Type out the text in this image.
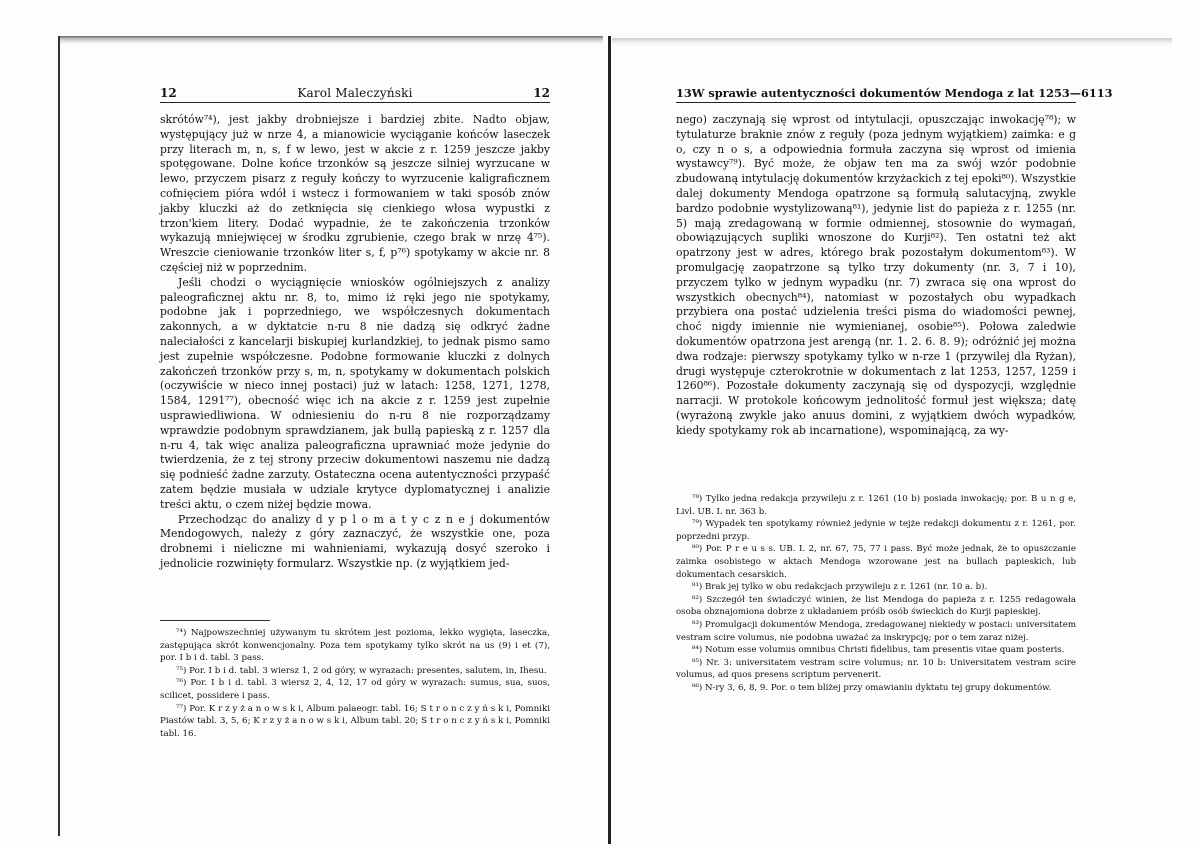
12	Karol Maleczyński	12

skrótów⁷⁴), jest jakby drobniejsze i bardziej zbite. Nadto objaw, występujący już w nrze 4, a mianowicie wyciąganie końców laseczek przy literach m, n, s, f w lewo, jest w akcie z r. 1259 jeszcze jakby spotęgowane. Dolne końce trzonków są jeszcze silniej wyrzucane w lewo, przyczem pisarz z reguły kończy to wyrzucenie kaligraficznem cofnięciem pióra wdół i wstecz i formowaniem w taki sposób znów jakby kluczki aż do zetknięcia się cienkiego włosa wypustki z trzon'kiem litery. Dodać wypadnie, że te zakończenia trzonków wykazują mniejwięcej w środku zgrubienie, czego brak w nrzę 4⁷⁵). Wreszcie cieniowanie trzonków liter s, f, p⁷⁶) spotykamy w akcie nr. 8 częściej niż w poprzednim.

Jeśli chodzi o wyciągnięcie wniosków ogólniejszych z analizy paleograficznej aktu nr. 8, to, mimo iż ręki jego nie spotykamy, podobne jak i poprzedniego, we współczesnych dokumentach zakonnych, a w dyktatcie n-ru 8 nie dadzą się odkryć żadne naleciałości z kancelarji biskupiej kurlandzkiej, to jednak pismo samo jest zupełnie współczesne. Podobne formowanie kluczki z dolnych zakończeń trzonków przy s, m, n, spotykamy w dokumentach polskich (oczywiście w nieco innej postaci) już w latach: 1258, 1271, 1278, 1584, 1291⁷⁷), obecność więc ich na akcie z r. 1259 jest zupełnie usprawiedliwiona. W odniesieniu do n-ru 8 nie rozporządzamy wprawdzie podobnym sprawdzianem, jak bullą papieską z r. 1257 dla n-ru 4, tak więc analiza paleograficzna uprawniać może jedynie do twierdzenia, że z tej strony przeciw dokumentowi naszemu nie dadzą się podnieść żadne zarzuty. Ostateczna ocena autentyczności przypaść zatem będzie musiała w udziale krytyce dyplomatycznej i analizie treści aktu, o czem niżej będzie mowa.

Przechodząc do analizy d y p l o m a t y c z n e j dokumentów Mendogowych, należy z góry zaznaczyć, że wszystkie one, poza drobnemi i nieliczne mi wahnieniami, wykazują dosyć szeroko i jednolicie rozwinięty formularz. Wszystkie np. (z wyjątkiem jed-

⁷⁴) Najpowszechniej używanym tu skrótem jest pozioma, lekko wygięta, laseczka, zastępująca skrót konwencjonalny. Poza tem spotykamy tylko skrót na us (9) i et (7), por. I b i d. tabl. 3 pass.

⁷⁵) Por. I b i d. tabl. 3 wiersz 1, 2 od góry, w wyrazach: presentes, salutem, in, Ihesu.

⁷⁶) Por. I b i d. tabl. 3 wiersz 2, 4, 12, 17 od góry w wyrazach: sumus, sua, suos, scilicet, possidere i pass.

⁷⁷) Por. K r z y ż a n o w s k i, Album palaeogr. tabl. 16; S t r o n c z y ń s k i, Pomniki Piastów tabl. 3, 5, 6; K r z y ż a n o w s k i, Album tabl. 20; S t r o n c z y ń s k i, Pomniki tabl. 16.

13 W sprawie autentyczności dokumentów Mendoga z lat 1253—61 13

nego) zaczynają się wprost od intytulacji, opuszczając inwokację⁷⁸); w tytulaturze braknie znów z reguły (poza jednym wyjątkiem) zaimka: e g o, czy n o s, a odpowiednia formuła zaczyna się wprost od imienia wystawcy⁷⁹). Być może, że objaw ten ma za swój wzór podobnie zbudowaną intytulację dokumentów krzyżackich z tej epoki⁸⁰). Wszystkie dalej dokumenty Mendoga opatrzone są formułą salutacyjną, zwykle bardzo podobnie wystylizowaną⁸¹), jedynie list do papieża z r. 1255 (nr. 5) mają zredagowaną w formie odmiennej, stosownie do wymagań, obowiązujących supliki wnoszone do Kurji⁸²). Ten ostatni też akt opatrzony jest w adres, którego brak pozostałym dokumentom⁸³). W promulgację zaopatrzone są tylko trzy dokumenty (nr. 3, 7 i 10), przyczem tylko w jednym wypadku (nr. 7) zwraca się ona wprost do wszystkich obecnych⁸⁴), natomiast w pozostałych obu wypadkach przybiera ona postać udzielenia treści pisma do wiadomości pewnej, choć nigdy imiennie nie wymienianej, osobie⁸⁵). Połowa zaledwie dokumentów opatrzona jest arengą (nr. 1. 2. 6. 8. 9); odróżnić jej można dwa rodzaje: pierwszy spotykamy tylko w n-rze 1 (przywilej dla Ryżan), drugi występuje czterokrotnie w dokumentach z lat 1253, 1257, 1259 i 1260⁸⁶). Pozostałe dokumenty zaczynają się od dyspozycji, względnie narracji. W protokole końcowym jednolitość formuł jest większa; datę (wyrażoną zwykle jako anuus domini, z wyjątkiem dwóch wypadków, kiedy spotykamy rok ab incarnatione), wspominającą, za wy-

⁷⁸) Tylko jedna redakcja przywileju z r. 1261 (10 b) posiada inwokację; por. B u n g e, Livl. UB. I. nr. 363 b.

⁷⁹) Wypadek ten spotykamy również jedynie w tejże redakcji dokumentu z r. 1261, por. poprzedni przyp.

⁸⁰) Por. P r e u s s. UB. I. 2, nr. 67, 75, 77 i pass. Być może jednak, że to opuszczanie zaimka osobistego w aktach Mendoga wzorowane jest na bullach papieskich, lub dokumentach cesarskich.

⁸¹) Brak jej tylko w obu redakcjach przywileju z r. 1261 (nr. 10 a. b).

⁸²) Szczegół ten świadczyć winien, że list Mendoga do papieża z r. 1255 redagowała osoba obznajomiona dobrze z układaniem próśb osób świeckich do Kurji papieskiej.

⁸³) Promulgacji dokumentów Mendoga, zredagowanej niekiedy w postaci: universitatem vestram scire volumus, nie podobna uważać za inskrypcję; por o tem zaraz niżej.

⁸⁴) Notum esse volumus omnibus Christi fidelibus, tam presentis vitae quam posteris.

⁸⁵) Nr. 3: universitatem vestram scire volumus; nr. 10 b: Universitatem vestram scire volumus, ad quos presens scriptum pervenerit.

⁸⁶) N-ry 3, 6, 8, 9. Por. o tem bliżej przy omawianiu dyktatu tej grupy dokumentów.
